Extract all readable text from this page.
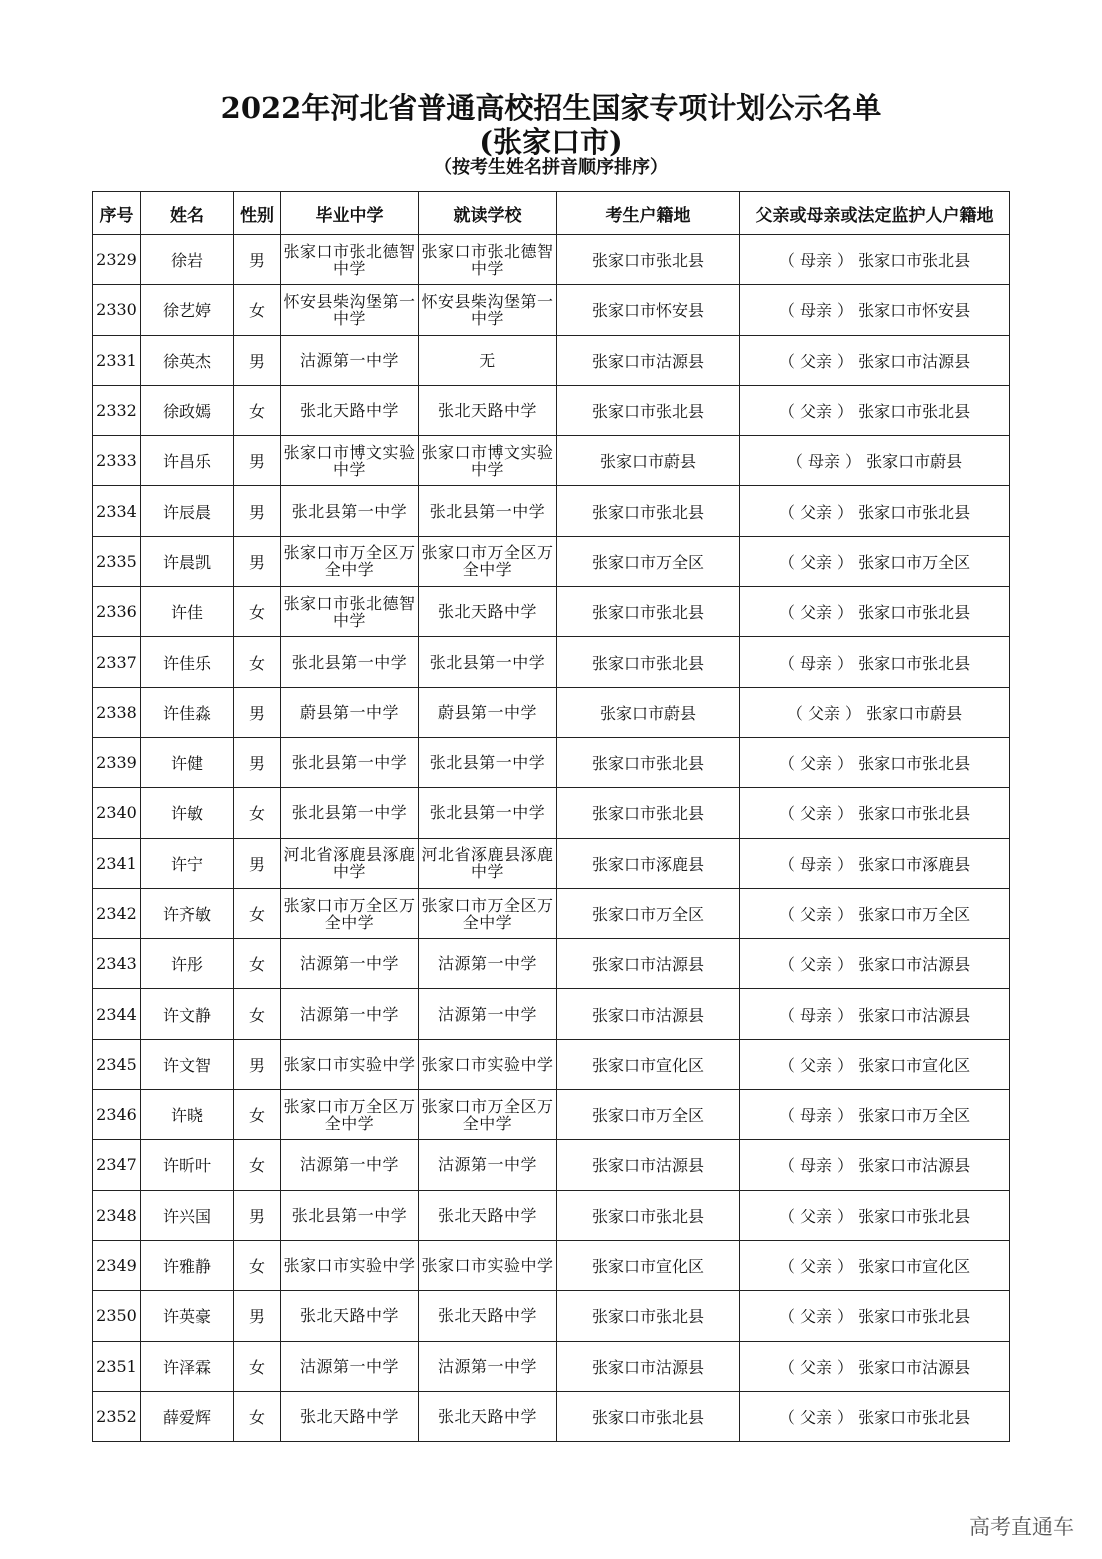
2022年河北省普通高校招生国家专项计划公示名单
(张家口市)
（按考生姓名拼音顺序排序）
序号	姓名	性别	毕业中学	就读学校	考生户籍地	父亲或母亲或法定监护人户籍地
2329	徐岩	男	张家口市张北德智中学	张家口市张北德智中学	张家口市张北县	（ 母亲 ） 张家口市张北县
2330	徐艺婷	女	怀安县柴沟堡第一中学	怀安县柴沟堡第一中学	张家口市怀安县	（ 母亲 ） 张家口市怀安县
2331	徐英杰	男	沽源第一中学	无	张家口市沽源县	（ 父亲 ） 张家口市沽源县
2332	徐政嫣	女	张北天路中学	张北天路中学	张家口市张北县	（ 父亲 ） 张家口市张北县
2333	许昌乐	男	张家口市博文实验中学	张家口市博文实验中学	张家口市蔚县	（ 母亲 ） 张家口市蔚县
2334	许辰晨	男	张北县第一中学	张北县第一中学	张家口市张北县	（ 父亲 ） 张家口市张北县
2335	许晨凯	男	张家口市万全区万全中学	张家口市万全区万全中学	张家口市万全区	（ 父亲 ） 张家口市万全区
2336	许佳	女	张家口市张北德智中学	张北天路中学	张家口市张北县	（ 父亲 ） 张家口市张北县
2337	许佳乐	女	张北县第一中学	张北县第一中学	张家口市张北县	（ 母亲 ） 张家口市张北县
2338	许佳淼	男	蔚县第一中学	蔚县第一中学	张家口市蔚县	（ 父亲 ） 张家口市蔚县
2339	许健	男	张北县第一中学	张北县第一中学	张家口市张北县	（ 父亲 ） 张家口市张北县
2340	许敏	女	张北县第一中学	张北县第一中学	张家口市张北县	（ 父亲 ） 张家口市张北县
2341	许宁	男	河北省涿鹿县涿鹿中学	河北省涿鹿县涿鹿中学	张家口市涿鹿县	（ 母亲 ） 张家口市涿鹿县
2342	许齐敏	女	张家口市万全区万全中学	张家口市万全区万全中学	张家口市万全区	（ 父亲 ） 张家口市万全区
2343	许彤	女	沽源第一中学	沽源第一中学	张家口市沽源县	（ 父亲 ） 张家口市沽源县
2344	许文静	女	沽源第一中学	沽源第一中学	张家口市沽源县	（ 母亲 ） 张家口市沽源县
2345	许文智	男	张家口市实验中学	张家口市实验中学	张家口市宣化区	（ 父亲 ） 张家口市宣化区
2346	许晓	女	张家口市万全区万全中学	张家口市万全区万全中学	张家口市万全区	（ 母亲 ） 张家口市万全区
2347	许昕叶	女	沽源第一中学	沽源第一中学	张家口市沽源县	（ 母亲 ） 张家口市沽源县
2348	许兴国	男	张北县第一中学	张北天路中学	张家口市张北县	（ 父亲 ） 张家口市张北县
2349	许雅静	女	张家口市实验中学	张家口市实验中学	张家口市宣化区	（ 父亲 ） 张家口市宣化区
2350	许英豪	男	张北天路中学	张北天路中学	张家口市张北县	（ 父亲 ） 张家口市张北县
2351	许泽霖	女	沽源第一中学	沽源第一中学	张家口市沽源县	（ 父亲 ） 张家口市沽源县
2352	薛爱辉	女	张北天路中学	张北天路中学	张家口市张北县	（ 父亲 ） 张家口市张北县
高考直通车
